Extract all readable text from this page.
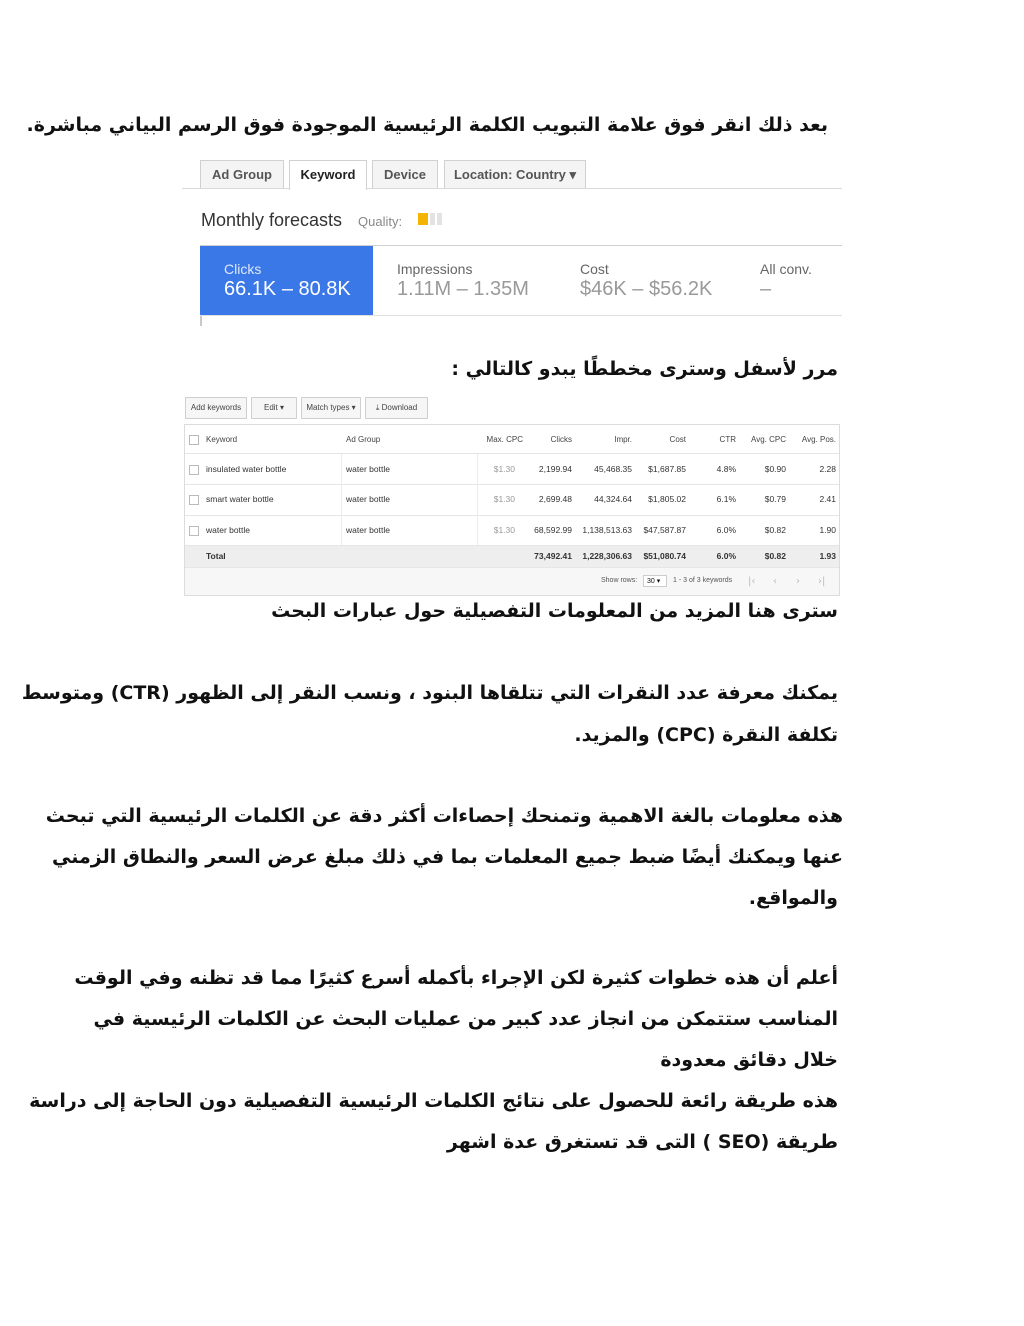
بعد ذلك انقر فوق علامة التبويب الكلمة الرئيسية الموجودة فوق الرسم البياني مباشرة.
Ad Group	Keyword	Device	Location: Country ▾
Monthly forecasts Quality:
Clicks
66.1K – 80.8K
Impressions
1.11M – 1.35M
Cost
$46K – $56.2K
All conv.
–
مرر لأسفل وسترى مخططًا يبدو كالتالي :
Add keywords	Edit ▾	Match types ▾	⤓ Download
Keyword	Ad Group	Max. CPC	Clicks	Impr.	Cost	CTR	Avg. CPC	Avg. Pos.
insulated water bottle	water bottle	$1.30	2,199.94	45,468.35	$1,687.85	4.8%	$0.90	2.28
smart water bottle	water bottle	$1.30	2,699.48	44,324.64	$1,805.02	6.1%	$0.79	2.41
water bottle	water bottle	$1.30	68,592.99	1,138,513.63	$47,587.87	6.0%	$0.82	1.90
Total	73,492.41	1,228,306.63	$51,080.74	6.0%	$0.82	1.93
Show rows:	30 ▾	1 - 3 of 3 keywords |‹ ‹ › ›|
سترى هنا المزيد من المعلومات التفصيلية حول عبارات البحث
يمكنك معرفة عدد النقرات التي تتلقاها البنود ، ونسب النقر إلى الظهور (CTR) ومتوسط
تكلفة النقرة (CPC) والمزيد.
هذه معلومات بالغة الاهمية وتمنحك إحصاءات أكثر دقة عن الكلمات الرئيسية التي تبحث
عنها ويمكنك أيضًا ضبط جميع المعلمات بما في ذلك مبلغ عرض السعر والنطاق الزمني
والمواقع.
أعلم أن هذه خطوات كثيرة لكن الإجراء بأكمله أسرع كثيرًا مما قد تظنه وفي الوقت
المناسب ستتمكن من انجاز عدد كبير من عمليات البحث عن الكلمات الرئيسية في
خلال دقائق معدودة
هذه طريقة رائعة للحصول على نتائج الكلمات الرئيسية التفصيلية دون الحاجة إلى دراسة
طريقة (SEO ) التى قد تستغرق عدة اشهر
